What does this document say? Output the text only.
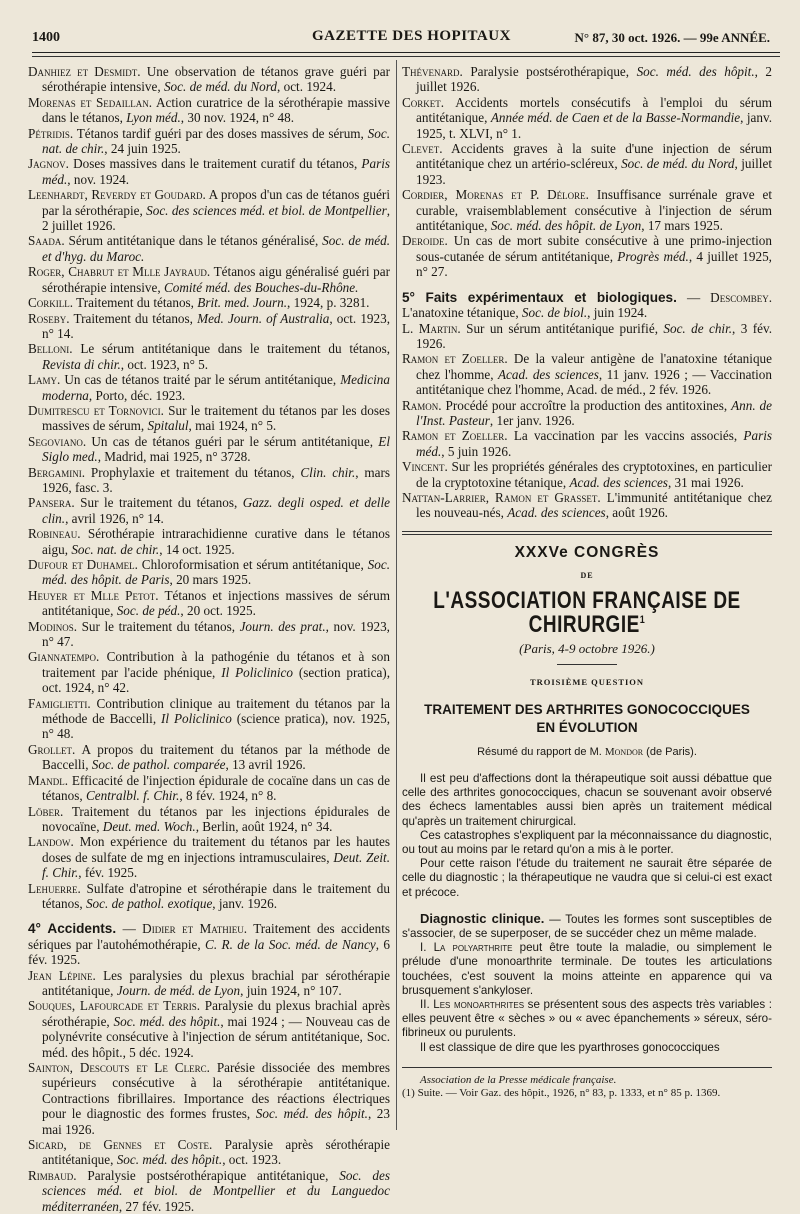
1400	GAZETTE DES HOPITAUX	N° 87, 30 oct. 1926. — 99e ANNÉE.

Danhiez et Desmidt. Une observation de tétanos grave guéri par sérothérapie intensive, Soc. de méd. du Nord, oct. 1924.

Morenas et Sedaillan. Action curatrice de la sérothérapie massive dans le tétanos, Lyon méd., 30 nov. 1924, n° 48.

Pétridis. Tétanos tardif guéri par des doses massives de sérum, Soc. nat. de chir., 24 juin 1925.

Jagnov. Doses massives dans le traitement curatif du tétanos, Paris méd., nov. 1924.

Leenhardt, Reverdy et Goudard. A propos d'un cas de tétanos guéri par la sérothérapie, Soc. des sciences méd. et biol. de Montpellier, 2 juillet 1926.

Saada. Sérum antitétanique dans le tétanos généralisé, Soc. de méd. et d'hyg. du Maroc.

Roger, Chabrut et Mlle Jayraud. Tétanos aigu généralisé guéri par sérothérapie intensive, Comité méd. des Bouches-du-Rhône.

Corkill. Traitement du tétanos, Brit. med. Journ., 1924, p. 3281.

Roseby. Traitement du tétanos, Med. Journ. of Australia, oct. 1923, n° 14.

Belloni. Le sérum antitétanique dans le traitement du tétanos, Revista di chir., oct. 1923, n° 5.

Lamy. Un cas de tétanos traité par le sérum antitétanique, Medicina moderna, Porto, déc. 1923.

Dumitrescu et Tornovici. Sur le traitement du tétanos par les doses massives de sérum, Spitalul, mai 1924, n° 5.

Segoviano. Un cas de tétanos guéri par le sérum antitétanique, El Siglo med., Madrid, mai 1925, n° 3728.

Bergamini. Prophylaxie et traitement du tétanos, Clin. chir., mars 1926, fasc. 3.

Pansera. Sur le traitement du tétanos, Gazz. degli osped. et delle clin., avril 1926, n° 14.

Robineau. Sérothérapie intrarachidienne curative dans le tétanos aigu, Soc. nat. de chir., 14 oct. 1925.

Dufour et Duhamel. Chloroformisation et sérum antitétanique, Soc. méd. des hôpit. de Paris, 20 mars 1925.

Heuyer et Mlle Petot. Tétanos et injections massives de sérum antitétanique, Soc. de péd., 20 oct. 1925.

Modinos. Sur le traitement du tétanos, Journ. des prat., nov. 1923, n° 47.

Giannatempo. Contribution à la pathogénie du tétanos et à son traitement par l'acide phénique, Il Policlinico (section pratica), oct. 1924, n° 42.

Famiglietti. Contribution clinique au traitement du tétanos par la méthode de Baccelli, Il Policlinico (science pratica), nov. 1925, n° 48.

Grollet. A propos du traitement du tétanos par la méthode de Baccelli, Soc. de pathol. comparée, 13 avril 1926.

Mandl. Efficacité de l'injection épidurale de cocaïne dans un cas de tétanos, Centralbl. f. Chir., 8 fév. 1924, n° 8.

Löber. Traitement du tétanos par les injections épidurales de novocaïne, Deut. med. Woch., Berlin, août 1924, n° 34.

Landow. Mon expérience du traitement du tétanos par les hautes doses de sulfate de mg en injections intramusculaires, Deut. Zeit. f. Chir., fév. 1925.

Lehuerre. Sulfate d'atropine et sérothérapie dans le traitement du tétanos, Soc. de pathol. exotique, janv. 1926.

4° Accidents. — Didier et Mathieu. Traitement des accidents sériques par l'autohémothérapie, C. R. de la Soc. méd. de Nancy, 6 fév. 1925.

Jean Lépine. Les paralysies du plexus brachial par sérothérapie antitétanique, Journ. de méd. de Lyon, juin 1924, n° 107.

Souques, Lafourcade et Terris. Paralysie du plexus brachial après sérothérapie, Soc. méd. des hôpit., mai 1924 ; — Nouveau cas de polynévrite consécutive à l'injection de sérum antitétanique, Soc. méd. des hôpit., 5 déc. 1924.

Sainton, Descouts et Le Clerc. Parésie dissociée des membres supérieurs consécutive à la sérothérapie antitétanique. Contractions fibrillaires. Importance des réactions électriques pour le diagnostic des formes frustes, Soc. méd. des hôpit., 23 mai 1926.

Sicard, de Gennes et Coste. Paralysie après sérothérapie antitétanique, Soc. méd. des hôpit., oct. 1923.

Rimbaud. Paralysie postsérothérapique antitétanique, Soc. des sciences méd. et biol. de Montpellier et du Languedoc méditerranéen, 27 fév. 1925.

Thévenard. Paralysie postsérothérapique, Soc. méd. des hôpit., 2 juillet 1926.

Corket. Accidents mortels consécutifs à l'emploi du sérum antitétanique, Année méd. de Caen et de la Basse-Normandie, janv. 1925, t. XLVI, n° 1.

Clevet. Accidents graves à la suite d'une injection de sérum antitétanique chez un artério-scléreux, Soc. de méd. du Nord, juillet 1923.

Cordier, Morenas et P. Délore. Insuffisance surrénale grave et curable, vraisemblablement consécutive à l'injection de sérum antitétanique, Soc. méd. des hôpit. de Lyon, 17 mars 1925.

Deroide. Un cas de mort subite consécutive à une primo-injection sous-cutanée de sérum antitétanique, Progrès méd., 4 juillet 1925, n° 27.

5° Faits expérimentaux et biologiques. — Descombey. L'anatoxine tétanique, Soc. de biol., juin 1924.

L. Martin. Sur un sérum antitétanique purifié, Soc. de chir., 3 fév. 1926.

Ramon et Zoeller. De la valeur antigène de l'anatoxine tétanique chez l'homme, Acad. des sciences, 11 janv. 1926 ; — Vaccination antitétanique chez l'homme, Acad. de méd., 2 fév. 1926.

Ramon. Procédé pour accroître la production des antitoxines, Ann. de l'Inst. Pasteur, 1er janv. 1926.

Ramon et Zoeller. La vaccination par les vaccins associés, Paris méd., 5 juin 1926.

Vincent. Sur les propriétés générales des cryptotoxines, en particulier de la cryptotoxine tétanique, Acad. des sciences, 31 mai 1926.

Nattan-Larrier, Ramon et Grasset. L'immunité antitétanique chez les nouveau-nés, Acad. des sciences, août 1926.

XXXVe CONGRÈS
DE
L'ASSOCIATION FRANÇAISE DE CHIRURGIE$^1$
(Paris, 4-9 octobre 1926.)
TROISIÈME QUESTION
TRAITEMENT DES ARTHRITES GONOCOCCIQUES
EN ÉVOLUTION
Résumé du rapport de M. Mondor (de Paris).

Il est peu d'affections dont la thérapeutique soit aussi débattue que celle des arthrites gonococciques, chacun se souvenant avoir observé des échecs lamentables aussi bien après un traitement médical qu'après un traitement chirurgical.

Ces catastrophes s'expliquent par la méconnaissance du diagnostic, ou tout au moins par le retard qu'on a mis à le porter.

Pour cette raison l'étude du traitement ne saurait être séparée de celle du diagnostic ; la thérapeutique ne vaudra que si celui-ci est exact et précoce.

Diagnostic clinique. — Toutes les formes sont susceptibles de s'associer, de se superposer, de se succéder chez un même malade.

I. La polyarthrite peut être toute la maladie, ou simplement le prélude d'une monoarthrite terminale. De toutes les articulations touchées, c'est souvent la moins atteinte en apparence qui va brusquement s'ankyloser.

II. Les monoarthrites se présentent sous des aspects très variables : elles peuvent être « sèches » ou « avec épanchements » séreux, séro-fibrineux ou purulents.

Il est classique de dire que les pyarthroses gonococciques

Association de la Presse médicale française.

(1) Suite. — Voir Gaz. des hôpit., 1926, n° 83, p. 1333, et n° 85 p. 1369.
